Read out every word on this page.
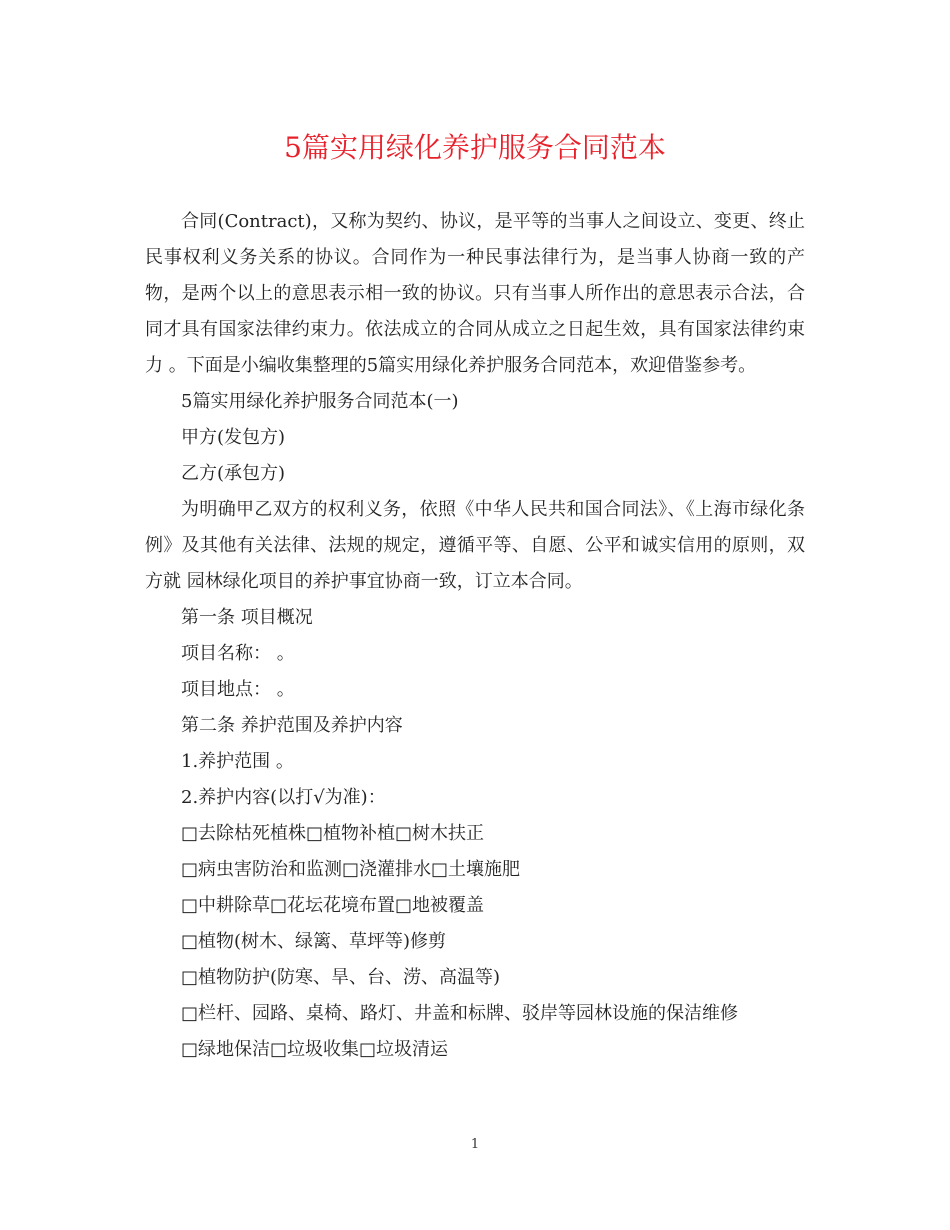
5篇实用绿化养护服务合同范本

合同(Contract)，又称为契约、协议，是平等的当事人之间设立、变更、终止民事权利义务关系的协议。合同作为一种民事法律行为，是当事人协商一致的产物，是两个以上的意思表示相一致的协议。只有当事人所作出的意思表示合法，合同才具有国家法律约束力。依法成立的合同从成立之日起生效，具有国家法律约束力 。下面是小编收集整理的5篇实用绿化养护服务合同范本，欢迎借鉴参考。

5篇实用绿化养护服务合同范本(一)

甲方(发包方)

乙方(承包方)

为明确甲乙双方的权利义务，依照《中华人民共和国合同法》、《上海市绿化条例》及其他有关法律、法规的规定，遵循平等、自愿、公平和诚实信用的原则，双方就 园林绿化项目的养护事宜协商一致，订立本合同。

第一条 项目概况

项目名称： 。

项目地点： 。

第二条 养护范围及养护内容

1.养护范围 。

2.养护内容(以打√为准)：

□去除枯死植株□植物补植□树木扶正

□病虫害防治和监测□浇灌排水□土壤施肥

□中耕除草□花坛花境布置□地被覆盖

□植物(树木、绿篱、草坪等)修剪

□植物防护(防寒、旱、台、涝、高温等)

□栏杆、园路、桌椅、路灯、井盖和标牌、驳岸等园林设施的保洁维修

□绿地保洁□垃圾收集□垃圾清运

1
